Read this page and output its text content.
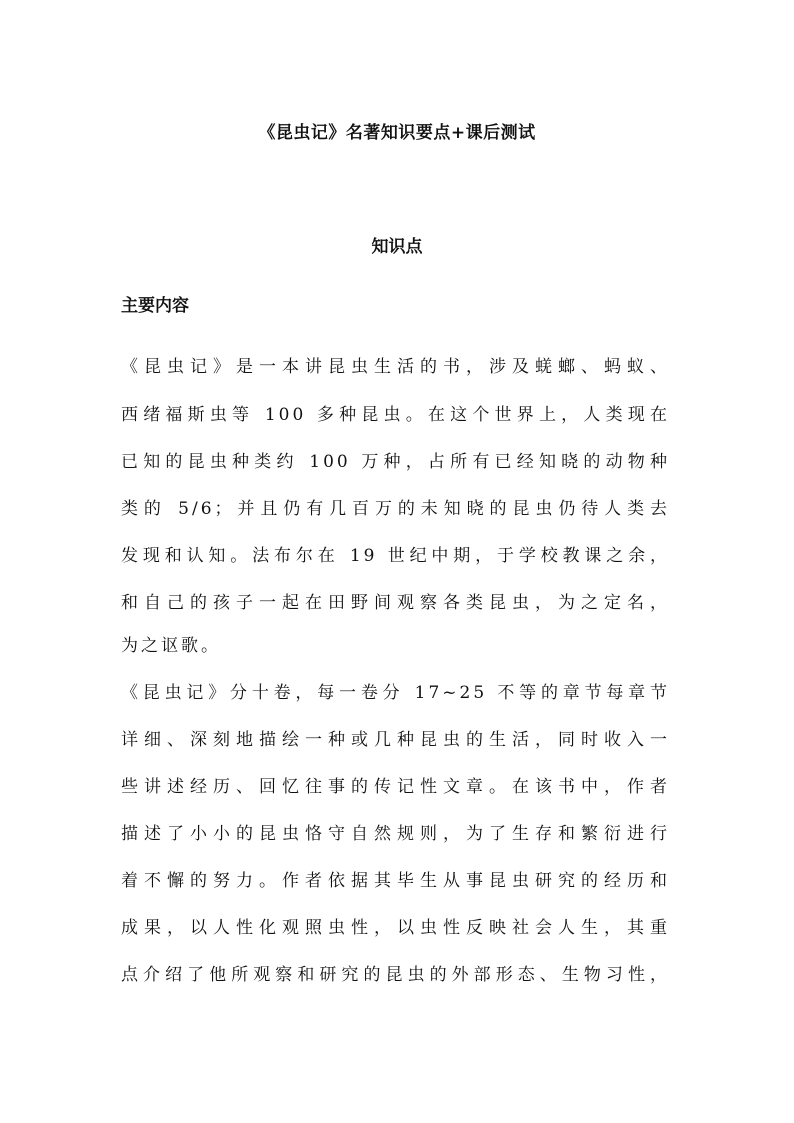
《昆虫记》名著知识要点+课后测试
知识点
主要内容
《昆虫记》是一本讲昆虫生活的书，涉及蜣螂、蚂蚁、
西绪福斯虫等 100 多种昆虫。在这个世界上，人类现在
已知的昆虫种类约 100 万种，占所有已经知晓的动物种
类的 5/6；并且仍有几百万的未知晓的昆虫仍待人类去
发现和认知。法布尔在 19 世纪中期，于学校教课之余，
和自己的孩子一起在田野间观察各类昆虫，为之定名，
为之讴歌。
《昆虫记》分十卷，每一卷分 17~25 不等的章节每章节
详细、深刻地描绘一种或几种昆虫的生活，同时收入一
些讲述经历、回忆往事的传记性文章。在该书中，作者
描述了小小的昆虫恪守自然规则，为了生存和繁衍进行
着不懈的努力。作者依据其毕生从事昆虫研究的经历和
成果，以人性化观照虫性，以虫性反映社会人生，其重
点介绍了他所观察和研究的昆虫的外部形态、生物习性，
